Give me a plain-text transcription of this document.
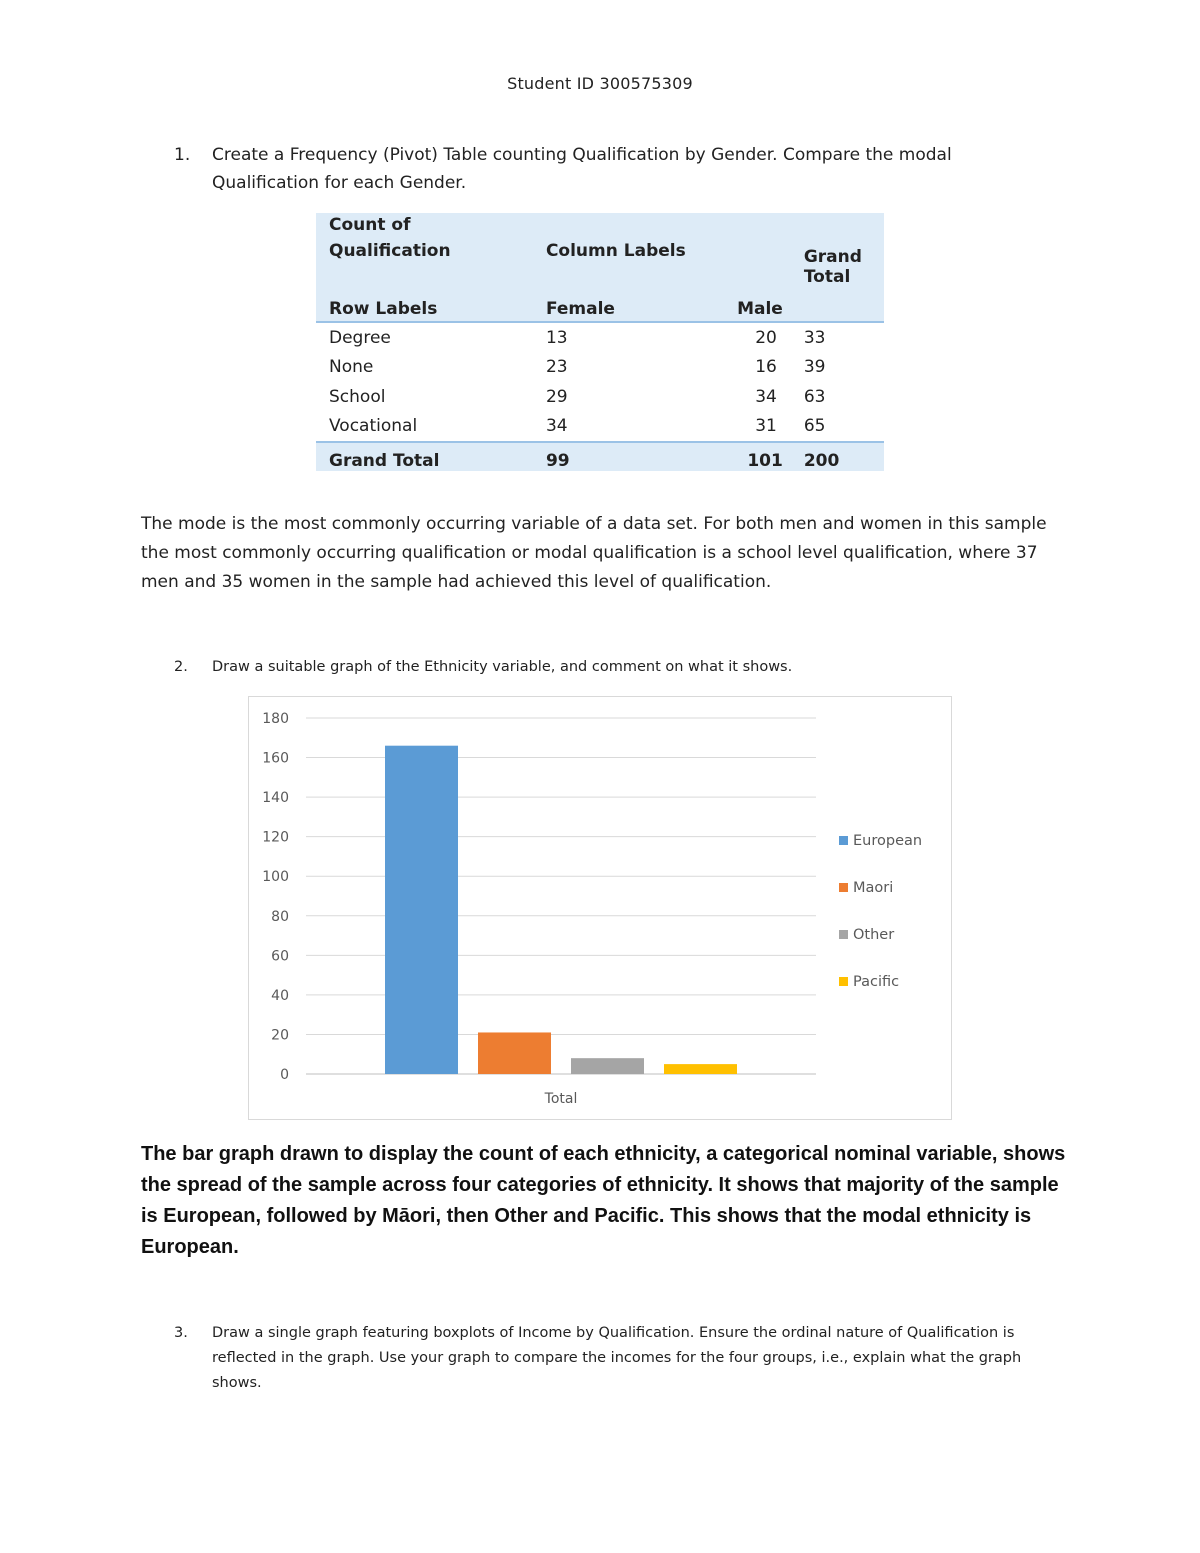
Student ID 300575309
1. Create a Frequency (Pivot) Table counting Qualification by Gender. Compare the modal Qualification for each Gender.
Count of			
Qualification	Column Labels		Grand
Row Labels	Female	Male	Total
Degree	13	20	33
None	23	16	39
School	29	34	63
Vocational	34	31	65
Grand Total	99	101	200
The mode is the most commonly occurring variable of a data set. For both men and women in this sample the most commonly occurring qualification or modal qualification is a school level qualification, where 37 men and 35 women in the sample had achieved this level of qualification.
2. Draw a suitable graph of the Ethnicity variable, and comment on what it shows.
0
20
40
60
80
100
120
140
160
180
Total
European
Maori
Other
Pacific
The bar graph drawn to display the count of each ethnicity, a categorical nominal variable, shows the spread of the sample across four categories of ethnicity. It shows that majority of the sample is European, followed by Māori, then Other and Pacific. This shows that the modal ethnicity is European.
3. Draw a single graph featuring boxplots of Income by Qualification. Ensure the ordinal nature of Qualification is reflected in the graph. Use your graph to compare the incomes for the four groups, i.e., explain what the graph shows.
